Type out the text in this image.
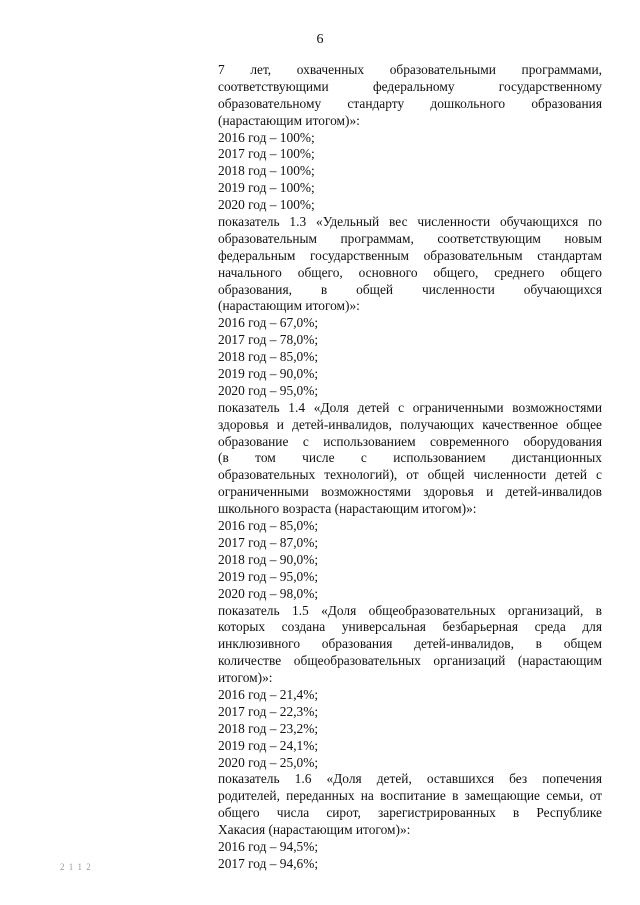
6
7 лет, охваченных образовательными программами,
соответствующими федеральному государственному
образовательному стандарту дошкольного образования
(нарастающим итогом)»:
2016 год – 100%;
2017 год – 100%;
2018 год – 100%;
2019 год – 100%;
2020 год – 100%;
показатель 1.3 «Удельный вес численности обучающихся по
образовательным программам, соответствующим новым
федеральным государственным образовательным стандартам
начального общего, основного общего, среднего общего
образования, в общей численности обучающихся
(нарастающим итогом)»:
2016 год – 67,0%;
2017 год – 78,0%;
2018 год – 85,0%;
2019 год – 90,0%;
2020 год – 95,0%;
показатель 1.4 «Доля детей с ограниченными возможностями
здоровья и детей-инвалидов, получающих качественное общее
образование с использованием современного оборудования
(в том числе с использованием дистанционных
образовательных технологий), от общей численности детей с
ограниченными возможностями здоровья и детей-инвалидов
школьного возраста (нарастающим итогом)»:
2016 год – 85,0%;
2017 год – 87,0%;
2018 год – 90,0%;
2019 год – 95,0%;
2020 год – 98,0%;
показатель 1.5 «Доля общеобразовательных организаций, в
которых создана универсальная безбарьерная среда для
инклюзивного образования детей-инвалидов, в общем
количестве общеобразовательных организаций (нарастающим
итогом)»:
2016 год – 21,4%;
2017 год – 22,3%;
2018 год – 23,2%;
2019 год – 24,1%;
2020 год – 25,0%;
показатель 1.6 «Доля детей, оставшихся без попечения
родителей, переданных на воспитание в замещающие семьи, от
общего числа сирот, зарегистрированных в Республике
Хакасия (нарастающим итогом)»:
2016 год – 94,5%;
2017 год – 94,6%;
2 1 1 2
